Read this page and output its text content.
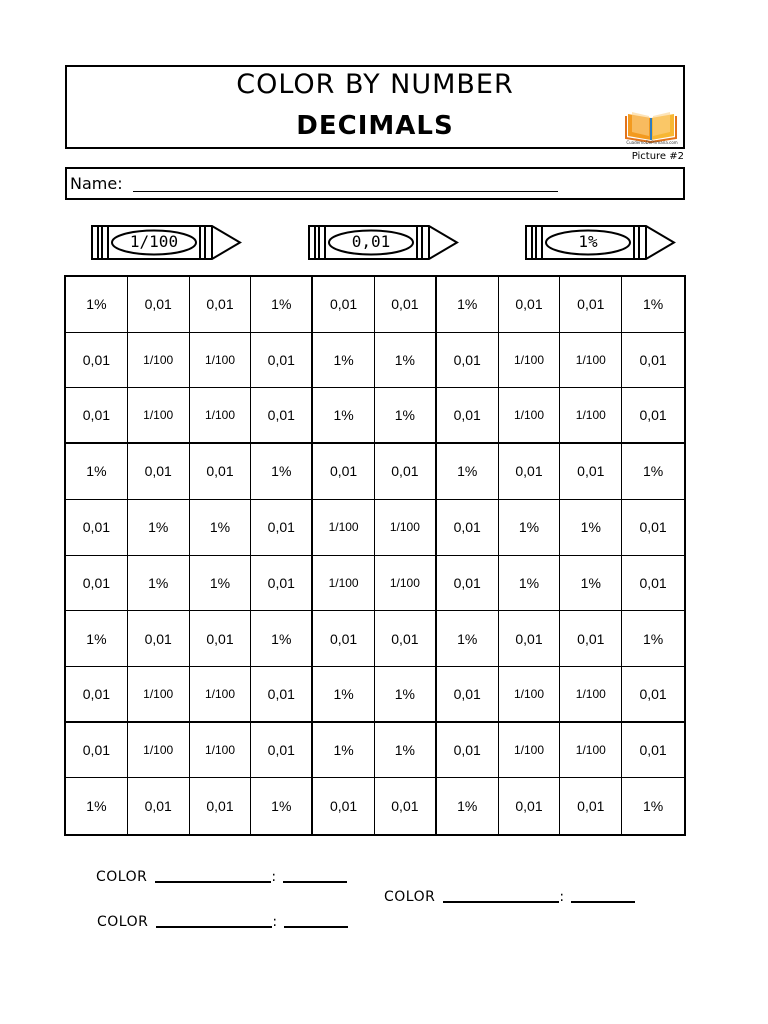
COLOR BY NUMBER
DECIMALS
CuadernoDePrimaria.com
Picture #2
Name:
1/100	0,01	1%
1%	0,01	0,01	1%	0,01	0,01	1%	0,01	0,01	1%
0,01	1/100	1/100	0,01	1%	1%	0,01	1/100	1/100	0,01
0,01	1/100	1/100	0,01	1%	1%	0,01	1/100	1/100	0,01
1%	0,01	0,01	1%	0,01	0,01	1%	0,01	0,01	1%
0,01	1%	1%	0,01	1/100	1/100	0,01	1%	1%	0,01
0,01	1%	1%	0,01	1/100	1/100	0,01	1%	1%	0,01
1%	0,01	0,01	1%	0,01	0,01	1%	0,01	0,01	1%
0,01	1/100	1/100	0,01	1%	1%	0,01	1/100	1/100	0,01
0,01	1/100	1/100	0,01	1%	1%	0,01	1/100	1/100	0,01
1%	0,01	0,01	1%	0,01	0,01	1%	0,01	0,01	1%
COLOR	:
COLOR	:
COLOR	:
